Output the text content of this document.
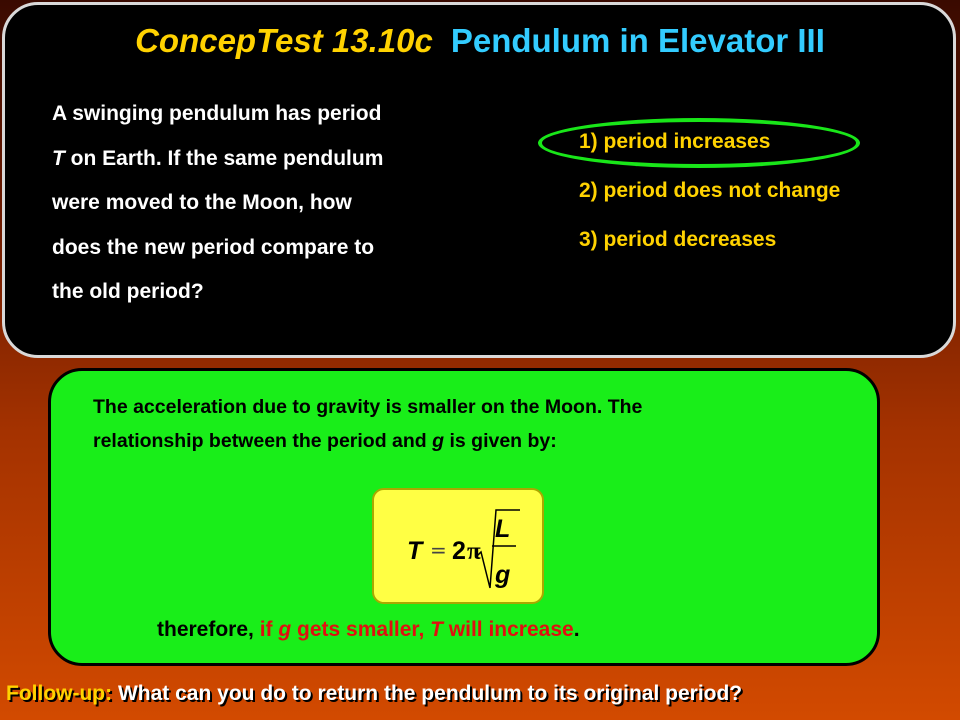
ConcepTest 13.10c Pendulum in Elevator III
A swinging pendulum has period
T on Earth. If the same pendulum
were moved to the Moon, how
does the new period compare to
the old period?
1) period increases
2) period does not change
3) period decreases
The acceleration due to gravity is smaller on the Moon. The
relationship between the period and g is given by:
T = 2 π
L
g
therefore, if g gets smaller, T will increase.
Follow-up: What can you do to return the pendulum to its original period?
